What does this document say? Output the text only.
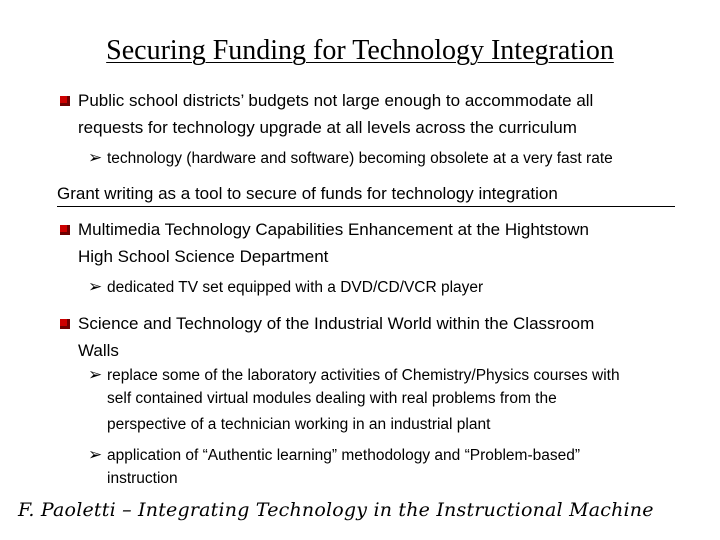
Securing Funding for Technology Integration
Public school districts’ budgets not large enough to accommodate all
requests for technology upgrade at all levels across the curriculum
➢ technology (hardware and software) becoming obsolete at a very fast rate
Grant writing as a tool to secure of funds for technology integration
Multimedia Technology Capabilities Enhancement at the Hightstown
High School Science Department
➢ dedicated TV set equipped with a DVD/CD/VCR player
Science and Technology of the Industrial World within the Classroom
Walls
➢ replace some of the laboratory activities of Chemistry/Physics courses with
self contained virtual modules dealing with real problems from the
perspective of a technician working in an industrial plant
➢ application of “Authentic learning” methodology and “Problem-based”
instruction
F. Paoletti – Integrating Technology in the Instructional Machine
